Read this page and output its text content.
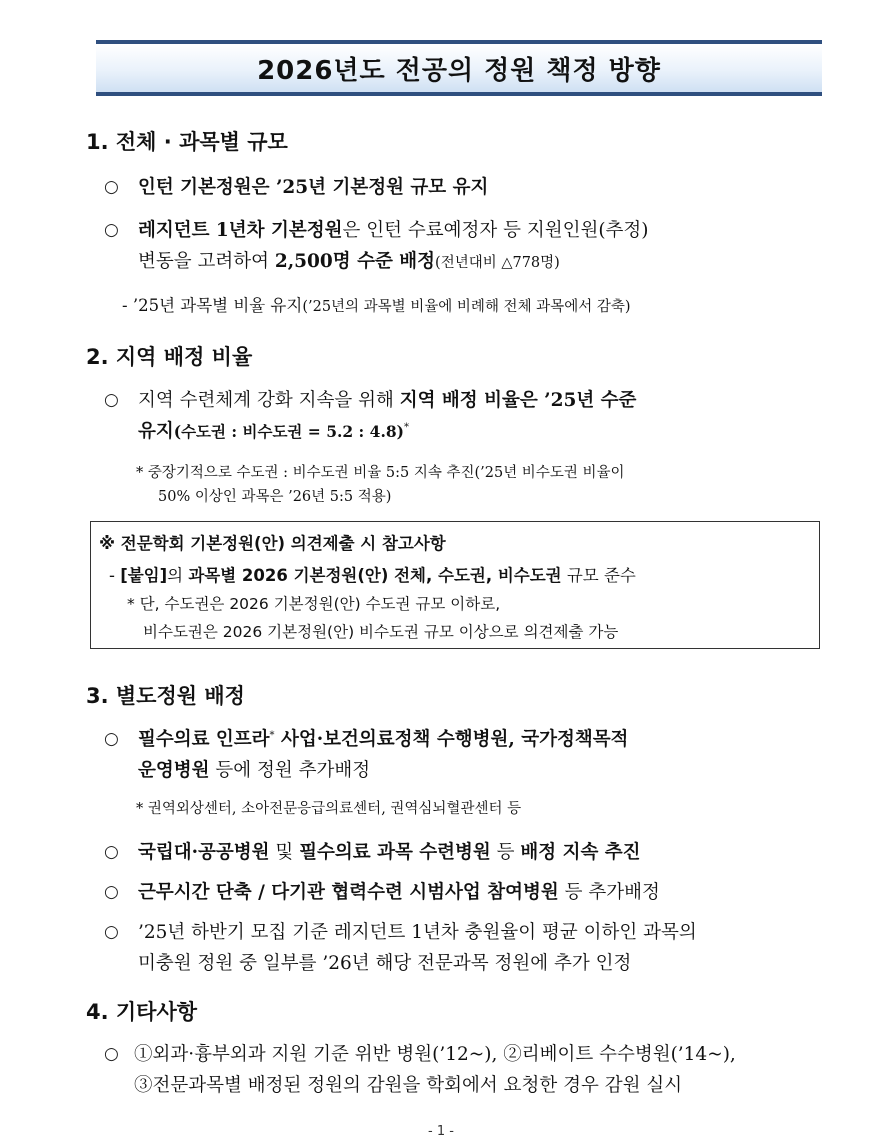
2026년도 전공의 정원 책정 방향
1. 전체 · 과목별 규모
○ 인턴 기본정원은 ’25년 기본정원 규모 유지
○ 레지던트 1년차 기본정원은 인턴 수료예정자 등 지원인원(추정)
변동을 고려하여 2,500명 수준 배정(전년대비 △778명)
- ’25년 과목별 비율 유지(’25년의 과목별 비율에 비례해 전체 과목에서 감축)
2. 지역 배정 비율
○ 지역 수련체계 강화 지속을 위해 지역 배정 비율은 ’25년 수준
유지(수도권 : 비수도권 = 5.2 : 4.8)*
* 중장기적으로 수도권 : 비수도권 비율 5:5 지속 추진(’25년 비수도권 비율이
50% 이상인 과목은 ’26년 5:5 적용)
※ 전문학회 기본정원(안) 의견제출 시 참고사항
- [붙임]의 과목별 2026 기본정원(안) 전체, 수도권, 비수도권 규모 준수
* 단, 수도권은 2026 기본정원(안) 수도권 규모 이하로,
비수도권은 2026 기본정원(안) 비수도권 규모 이상으로 의견제출 가능
3. 별도정원 배정
○ 필수의료 인프라* 사업·보건의료정책 수행병원, 국가정책목적
운영병원 등에 정원 추가배정
* 권역외상센터, 소아전문응급의료센터, 권역심뇌혈관센터 등
○ 국립대·공공병원 및 필수의료 과목 수련병원 등 배정 지속 추진
○ 근무시간 단축 / 다기관 협력수련 시범사업 참여병원 등 추가배정
○ ’25년 하반기 모집 기준 레지던트 1년차 충원율이 평균 이하인 과목의
미충원 정원 중 일부를 ’26년 해당 전문과목 정원에 추가 인정
4. 기타사항
○ ①외과·흉부외과 지원 기준 위반 병원(’12~), ②리베이트 수수병원(’14~),
③전문과목별 배정된 정원의 감원을 학회에서 요청한 경우 감원 실시
- 1 -
